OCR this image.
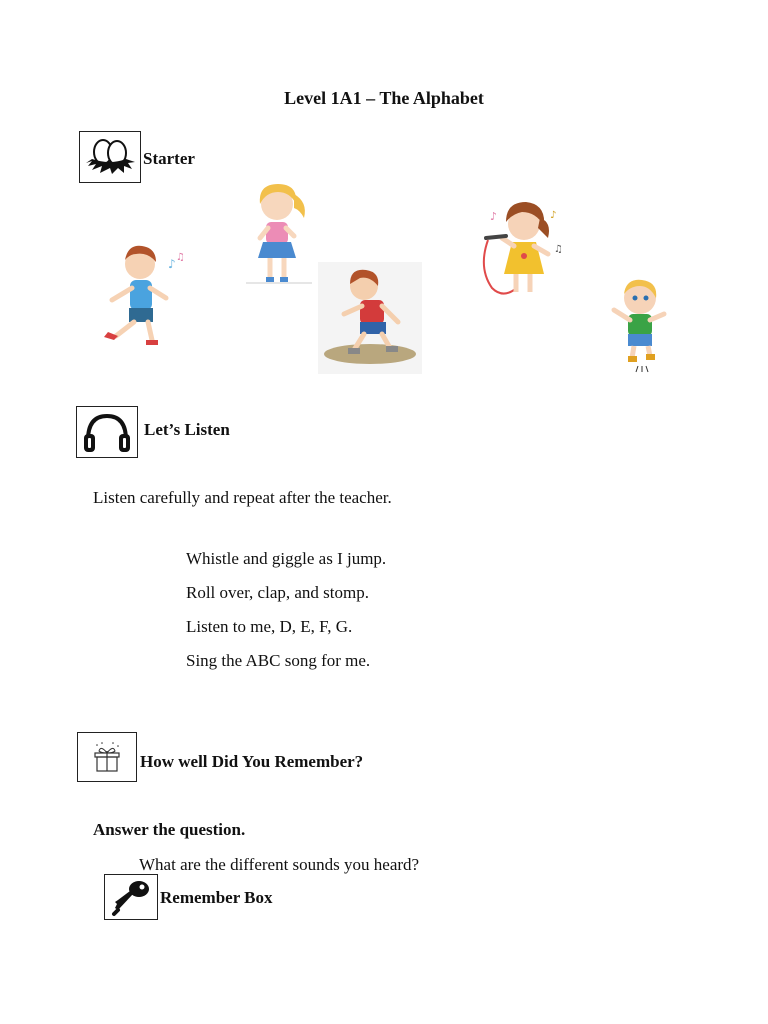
Level 1A1 – The Alphabet
Starter
♪ ♫
♪	♪
♫
Let’s Listen
Listen carefully and repeat after the teacher.
Whistle and giggle as I jump.
Roll over, clap, and stomp.
Listen to me, D, E, F, G.
Sing the ABC song for me.
How well Did You Remember?
Answer the question.
What are the different sounds you heard?
Remember Box
